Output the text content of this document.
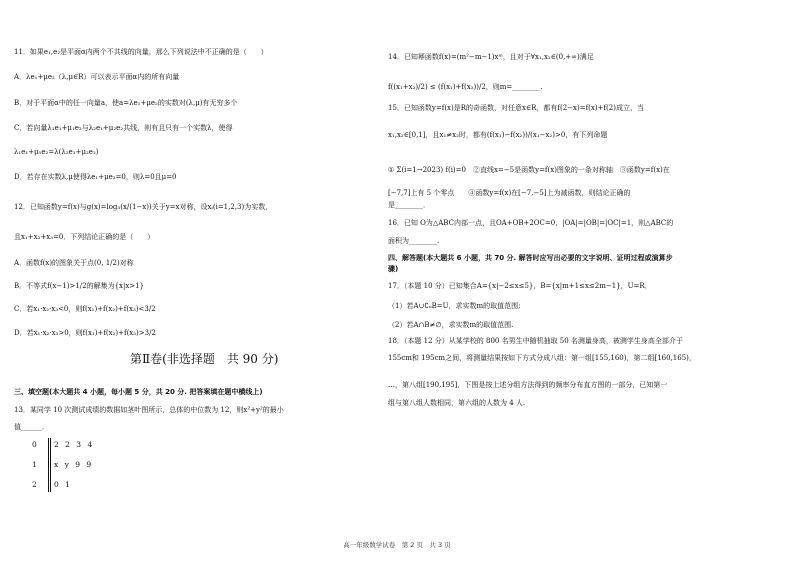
11．如果e₁,e₂是平面α内两个不共线的向量，那么下列说法中不正确的是（　　）
A．λe₁+μe₂（λ,μ∈R）可以表示平面α内的所有向量
B．对于平面α中的任一向量a，使a=λe₁+μe₂的实数对(λ,μ)有无穷多个
C．若向量λ₁e₁+μ₁e₂与λ₂e₁+μ₂e₂共线，则有且只有一个实数λ，使得
λ₁e₁+μ₁e₂=λ(λ₂e₁+μ₂e₂)
D．若存在实数λ,μ使得λe₁+μe₂=0，则λ=0且μ=0
12．已知函数y=f(x)与g(x)=log₃(x/(1−x))关于y=x对称，设xᵢ(i=1,2,3)为实数，
且x₁+x₂+x₃=0．下列结论正确的是（　　）
A．函数f(x)的图象关于点(0, 1/2)对称
B．不等式f(x−1)>1/2的解集为{x|x>1}
C．若x₁·x₂·x₃<0，则f(x₁)+f(x₂)+f(x₃)<3/2
D．若x₁·x₂·x₃>0，则f(x₁)+f(x₂)+f(x₃)>3/2
第Ⅱ卷(非选择题　共 90 分)
三、填空题(本大题共 4 小题，每小题 5 分，共 20 分. 把答案填在题中横线上)
13．某同学 10 次测试成绩的数据如茎叶图所示，总体的中位数为 12，则x²+y²的最小
值______．
0 2 2 3 4
1 x y 9 9
2 0 1
14．已知幂函数f(x)=(m²−m−1)xᵐ，且对于∀x₁,x₂∈(0,+∞)满足
f((x₁+x₂)/2) ≤ (f(x₁)+f(x₂))/2，则m=________.
15．已知函数y=f(x)是R的奇函数，对任意x∈R，都有f(2−x)=f(x)+f(2)成立，当
x₁,x₂∈[0,1]，且x₁≠x₂时，都有(f(x₁)−f(x₂))/(x₁−x₂)>0，有下列命题
① Σ(i=1→2023) f(i)=0　②直线x=−5是函数y=f(x)图象的一条对称轴　③函数y=f(x)在
[−7,7]上有 5 个零点　　④函数y=f(x)在[−7,−5]上为减函数，则结论正确的
是________．
16．已知 O为△ABC内部一点，且OA+OB+2OC=0，|OA|=|OB|=|OC|=1，则△ABC的
面积为________.
四、解答题(本大题共 6 小题，共 70 分. 解答时应写出必要的文字说明、证明过程或演算步
骤)
17．（本题 10 分）已知集合A={x|−2≤x≤5}，B={x|m+1≤x≤2m−1}，U=R．
（1）若A∪∁ᵤB=U，求实数m的取值范围;
（2）若A∩B≠∅，求实数m的取值范围.
18．（本题 12 分）从某学校的 800 名男生中随机抽取 50 名测量身高，被测学生身高全部介于
155cm和 195cm之间，将测量结果按如下方式分成八组：第一组[155,160)，第二组[160,165)，
…，第八组[190,195]，下图是按上述分组方法得到的频率分布直方图的一部分，已知第一
组与第八组人数相同，第六组的人数为 4 人.
高一年级数学试卷　第 2 页　共 3 页
